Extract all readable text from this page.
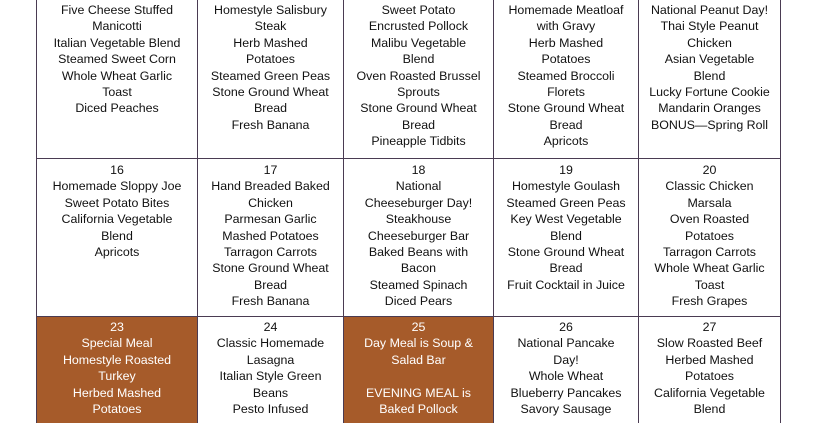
Five Cheese Stuffed
Manicotti
Italian Vegetable Blend
Steamed Sweet Corn
Whole Wheat Garlic
Toast
Diced Peaches
Homestyle Salisbury
Steak
Herb Mashed
Potatoes
Steamed Green Peas
Stone Ground Wheat
Bread
Fresh Banana
Sweet Potato
Encrusted Pollock
Malibu Vegetable
Blend
Oven Roasted Brussel
Sprouts
Stone Ground Wheat
Bread
Pineapple Tidbits
Homemade Meatloaf
with Gravy
Herb Mashed
Potatoes
Steamed Broccoli
Florets
Stone Ground Wheat
Bread
Apricots
National Peanut Day!
Thai Style Peanut
Chicken
Asian Vegetable
Blend
Lucky Fortune Cookie
Mandarin Oranges
BONUS—Spring Roll
16
Homemade Sloppy Joe
Sweet Potato Bites
California Vegetable
Blend
Apricots
17
Hand Breaded Baked
Chicken
Parmesan Garlic
Mashed Potatoes
Tarragon Carrots
Stone Ground Wheat
Bread
Fresh Banana
18
National
Cheeseburger Day!
Steakhouse
Cheeseburger Bar
Baked Beans with
Bacon
Steamed Spinach
Diced Pears
19
Homestyle Goulash
Steamed Green Peas
Key West Vegetable
Blend
Stone Ground Wheat
Bread
Fruit Cocktail in Juice
20
Classic Chicken
Marsala
Oven Roasted
Potatoes
Tarragon Carrots
Whole Wheat Garlic
Toast
Fresh Grapes
23
Special Meal
Homestyle Roasted
Turkey
Herbed Mashed
Potatoes
24
Classic Homemade
Lasagna
Italian Style Green
Beans
Pesto Infused
25
Day Meal is Soup &
Salad Bar
EVENING MEAL is
Baked Pollock
26
National Pancake
Day!
Whole Wheat
Blueberry Pancakes
Savory Sausage
27
Slow Roasted Beef
Herbed Mashed
Potatoes
California Vegetable
Blend
